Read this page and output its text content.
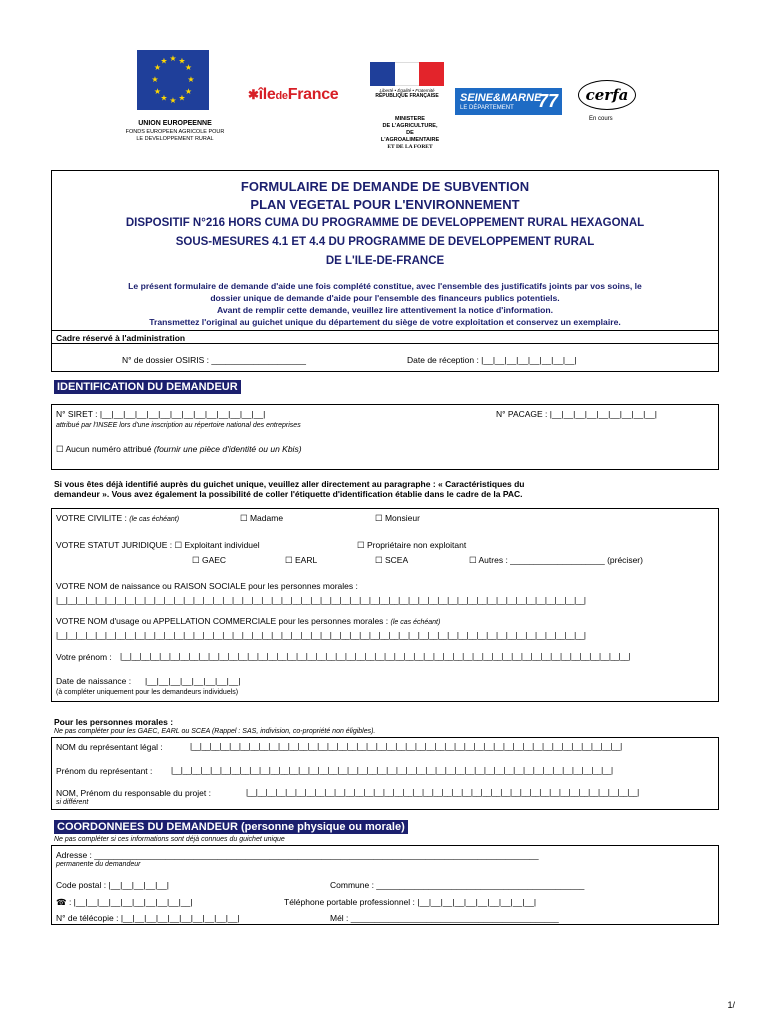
★ ★
★
★
★
★
★
★
★
★
★
★
UNION EUROPEENNE
FONDS EUROPEEN AGRICOLE POUR LE DEVELOPPEMENT RURAL
✱îledeFrance	Liberté • Égalité • Fraternité
RÉPUBLIQUE FRANÇAISE
MINISTERE
DE L'AGRICULTURE,
DE
L'AGROALIMENTAIRE
ET DE LA FORET
SEINE&MARNE
LE DÉPARTEMENT 77 cerfa
En cours
FORMULAIRE DE DEMANDE DE SUBVENTION
PLAN VEGETAL POUR L'ENVIRONNEMENT
DISPOSITIF N°216 HORS CUMA DU PROGRAMME DE DEVELOPPEMENT RURAL HEXAGONAL
SOUS-MESURES 4.1 ET 4.4 DU PROGRAMME DE DEVELOPPEMENT RURAL
DE L'ILE-DE-FRANCE
Le présent formulaire de demande d'aide une fois complété constitue, avec l'ensemble des justificatifs joints par vos soins, le
dossier unique de demande d'aide pour l'ensemble des financeurs publics potentiels.
Avant de remplir cette demande, veuillez lire attentivement la notice d'information.
Transmettez l'original au guichet unique du département du siège de votre exploitation et conservez un exemplaire.
Cadre réservé à l'administration
N° de dossier OSIRIS : ____________________	Date de réception : |__|__|__|__|__|__|__|__|
IDENTIFICATION DU DEMANDEUR
N° SIRET : |__|__|__|__|__|__|__|__|__|__|__|__|__|__|	N° PACAGE : |__|__|__|__|__|__|__|__|__|
attribué par l'INSEE lors d'une inscription au répertoire national des entreprises
☐ Aucun numéro attribué (fournir une pièce d'identité ou un Kbis)
Si vous êtes déjà identifié auprès du guichet unique, veuillez aller directement au paragraphe : « Caractéristiques du
demandeur ». Vous avez également la possibilité de coller l'étiquette d'identification établie dans le cadre de la PAC.
VOTRE CIVILITE : (le cas échéant)	☐ Madame	☐ Monsieur
VOTRE STATUT JURIDIQUE : ☐ Exploitant individuel	☐ Propriétaire non exploitant
☐ GAEC	☐ EARL	☐ SCEA	☐ Autres : ____________________ (préciser)
VOTRE NOM de naissance ou RAISON SOCIALE pour les personnes morales :
|__|__|__|__|__|__|__|__|__|__|__|__|__|__|__|__|__|__|__|__|__|__|__|__|__|__|__|__|__|__|__|__|__|__|__|__|__|__|__|__|__|__|__|__|__|__|__|__|__|__|__|__|__|__|
VOTRE NOM d'usage ou APPELLATION COMMERCIALE pour les personnes morales : (le cas échéant)
|__|__|__|__|__|__|__|__|__|__|__|__|__|__|__|__|__|__|__|__|__|__|__|__|__|__|__|__|__|__|__|__|__|__|__|__|__|__|__|__|__|__|__|__|__|__|__|__|__|__|__|__|__|__|
Votre prénom : |__|__|__|__|__|__|__|__|__|__|__|__|__|__|__|__|__|__|__|__|__|__|__|__|__|__|__|__|__|__|__|__|__|__|__|__|__|__|__|__|__|__|__|__|__|__|__|__|__|__|__|__|
Date de naissance : |__|__|__|__|__|__|__|__|
(à compléter uniquement pour les demandeurs individuels)
Pour les personnes morales :
Ne pas compléter pour les GAEC, EARL ou SCEA (Rappel : SAS, indivision, co-propriété non éligibles).
NOM du représentant légal :	|__|__|__|__|__|__|__|__|__|__|__|__|__|__|__|__|__|__|__|__|__|__|__|__|__|__|__|__|__|__|__|__|__|__|__|__|__|__|__|__|__|__|__|__|
Prénom du représentant : |__|__|__|__|__|__|__|__|__|__|__|__|__|__|__|__|__|__|__|__|__|__|__|__|__|__|__|__|__|__|__|__|__|__|__|__|__|__|__|__|__|__|__|__|__|
NOM, Prénom du responsable du projet :	|__|__|__|__|__|__|__|__|__|__|__|__|__|__|__|__|__|__|__|__|__|__|__|__|__|__|__|__|__|__|__|__|__|__|__|__|__|__|__|__|
si différent
COORDONNEES DU DEMANDEUR (personne physique ou morale)
Ne pas compléter si ces informations sont déjà connues du guichet unique
Adresse : ______________________________________________________________________________________________
permanente du demandeur
Code postal : |__|__|__|__|__|	Commune : ____________________________________________
☎ : |__|__|__|__|__|__|__|__|__|__|	Téléphone portable professionnel : |__|__|__|__|__|__|__|__|__|__|
N° de télécopie : |__|__|__|__|__|__|__|__|__|__|	Mél : ____________________________________________
1/
